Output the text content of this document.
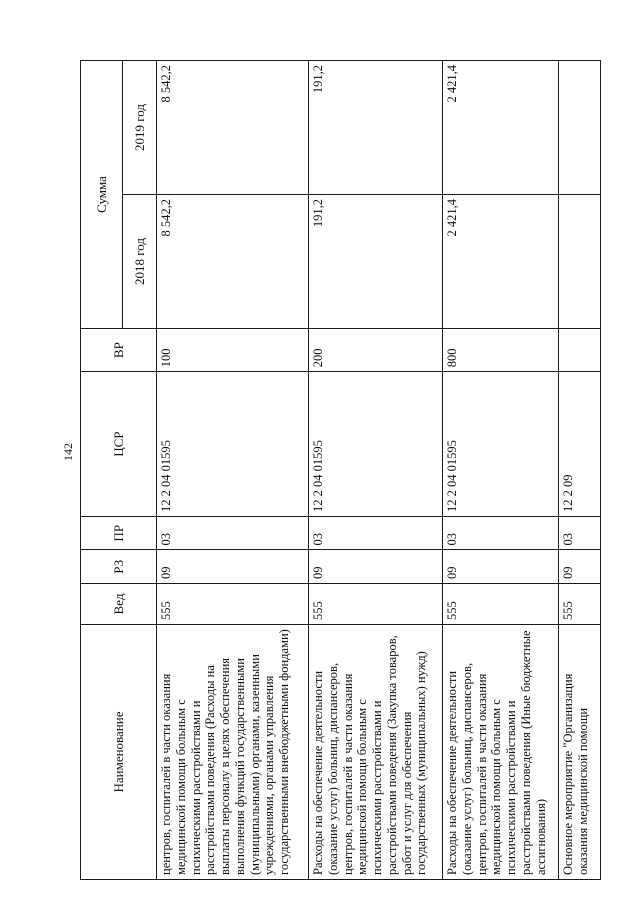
142
Наименование	Вед	РЗ	ПР	ЦСР	ВР	Сумма	
						2018 год	2019 год
центров, госпиталей в части оказания медицинской помощи больным с психическими расстройствами и расстройствами поведения (Расходы на выплаты персоналу в целях обеспечения выполнения функций государственными (муниципальными) органами, казенными учреждениями, органами управления государственными внебюджетными фондами)	555	09	03	12 2 04 01595	100	8 542,2	8 542,2
Расходы на обеспечение деятельности (оказание услуг) больниц, диспансеров, центров, госпиталей в части оказания медицинской помощи больным с психическими расстройствами и расстройствами поведения (Закупка товаров, работ и услуг для обеспечения государственных (муниципальных) нужд)	555	09	03	12 2 04 01595	200	191,2	191,2
Расходы на обеспечение деятельности (оказание услуг) больниц, диспансеров, центров, госпиталей в части оказания медицинской помощи больным с психическими расстройствами и расстройствами поведения (Иные бюджетные ассигнования)	555	09	03	12 2 04 01595	800	2 421,4	2 421,4
Основное мероприятие "Организация оказания медицинской помощи	555	09	03	12 2 09			
